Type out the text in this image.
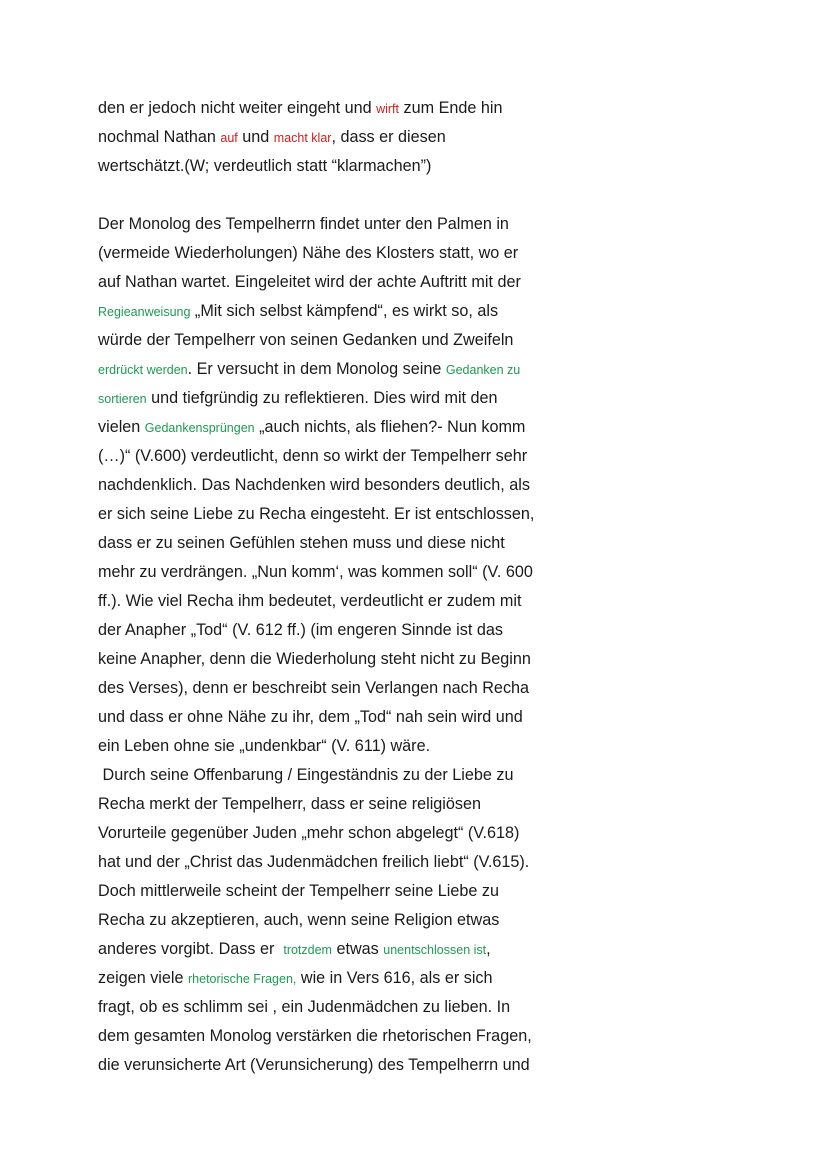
den er jedoch nicht weiter eingeht und wirft zum Ende hin
nochmal Nathan auf und macht klar, dass er diesen
wertschätzt.(W; verdeutlich statt “klarmachen”)
Der Monolog des Tempelherrn findet unter den Palmen in
(vermeide Wiederholungen) Nähe des Klosters statt, wo er
auf Nathan wartet. Eingeleitet wird der achte Auftritt mit der
Regieanweisung „Mit sich selbst kämpfend“, es wirkt so, als
würde der Tempelherr von seinen Gedanken und Zweifeln
erdrückt werden. Er versucht in dem Monolog seine Gedanken zu
sortieren und tiefgründig zu reflektieren. Dies wird mit den
vielen Gedankensprüngen „auch nichts, als fliehen?- Nun komm
(…)“ (V.600) verdeutlicht, denn so wirkt der Tempelherr sehr
nachdenklich. Das Nachdenken wird besonders deutlich, als
er sich seine Liebe zu Recha eingesteht. Er ist entschlossen,
dass er zu seinen Gefühlen stehen muss und diese nicht
mehr zu verdrängen. „Nun komm‘, was kommen soll“ (V. 600
ff.). Wie viel Recha ihm bedeutet, verdeutlicht er zudem mit
der Anapher „Tod“ (V. 612 ff.) (im engeren Sinnde ist das
keine Anapher, denn die Wiederholung steht nicht zu Beginn
des Verses), denn er beschreibt sein Verlangen nach Recha
und dass er ohne Nähe zu ihr, dem „Tod“ nah sein wird und
ein Leben ohne sie „undenkbar“ (V. 611) wäre.
Durch seine Offenbarung / Eingeständnis zu der Liebe zu
Recha merkt der Tempelherr, dass er seine religiösen
Vorurteile gegenüber Juden „mehr schon abgelegt“ (V.618)
hat und der „Christ das Judenmädchen freilich liebt“ (V.615).
Doch mittlerweile scheint der Tempelherr seine Liebe zu
Recha zu akzeptieren, auch, wenn seine Religion etwas
anderes vorgibt. Dass er  trotzdem etwas unentschlossen ist,
zeigen viele rhetorische Fragen, wie in Vers 616, als er sich
fragt, ob es schlimm sei , ein Judenmädchen zu lieben. In
dem gesamten Monolog verstärken die rhetorischen Fragen,
die verunsicherte Art (Verunsicherung) des Tempelherrn und
